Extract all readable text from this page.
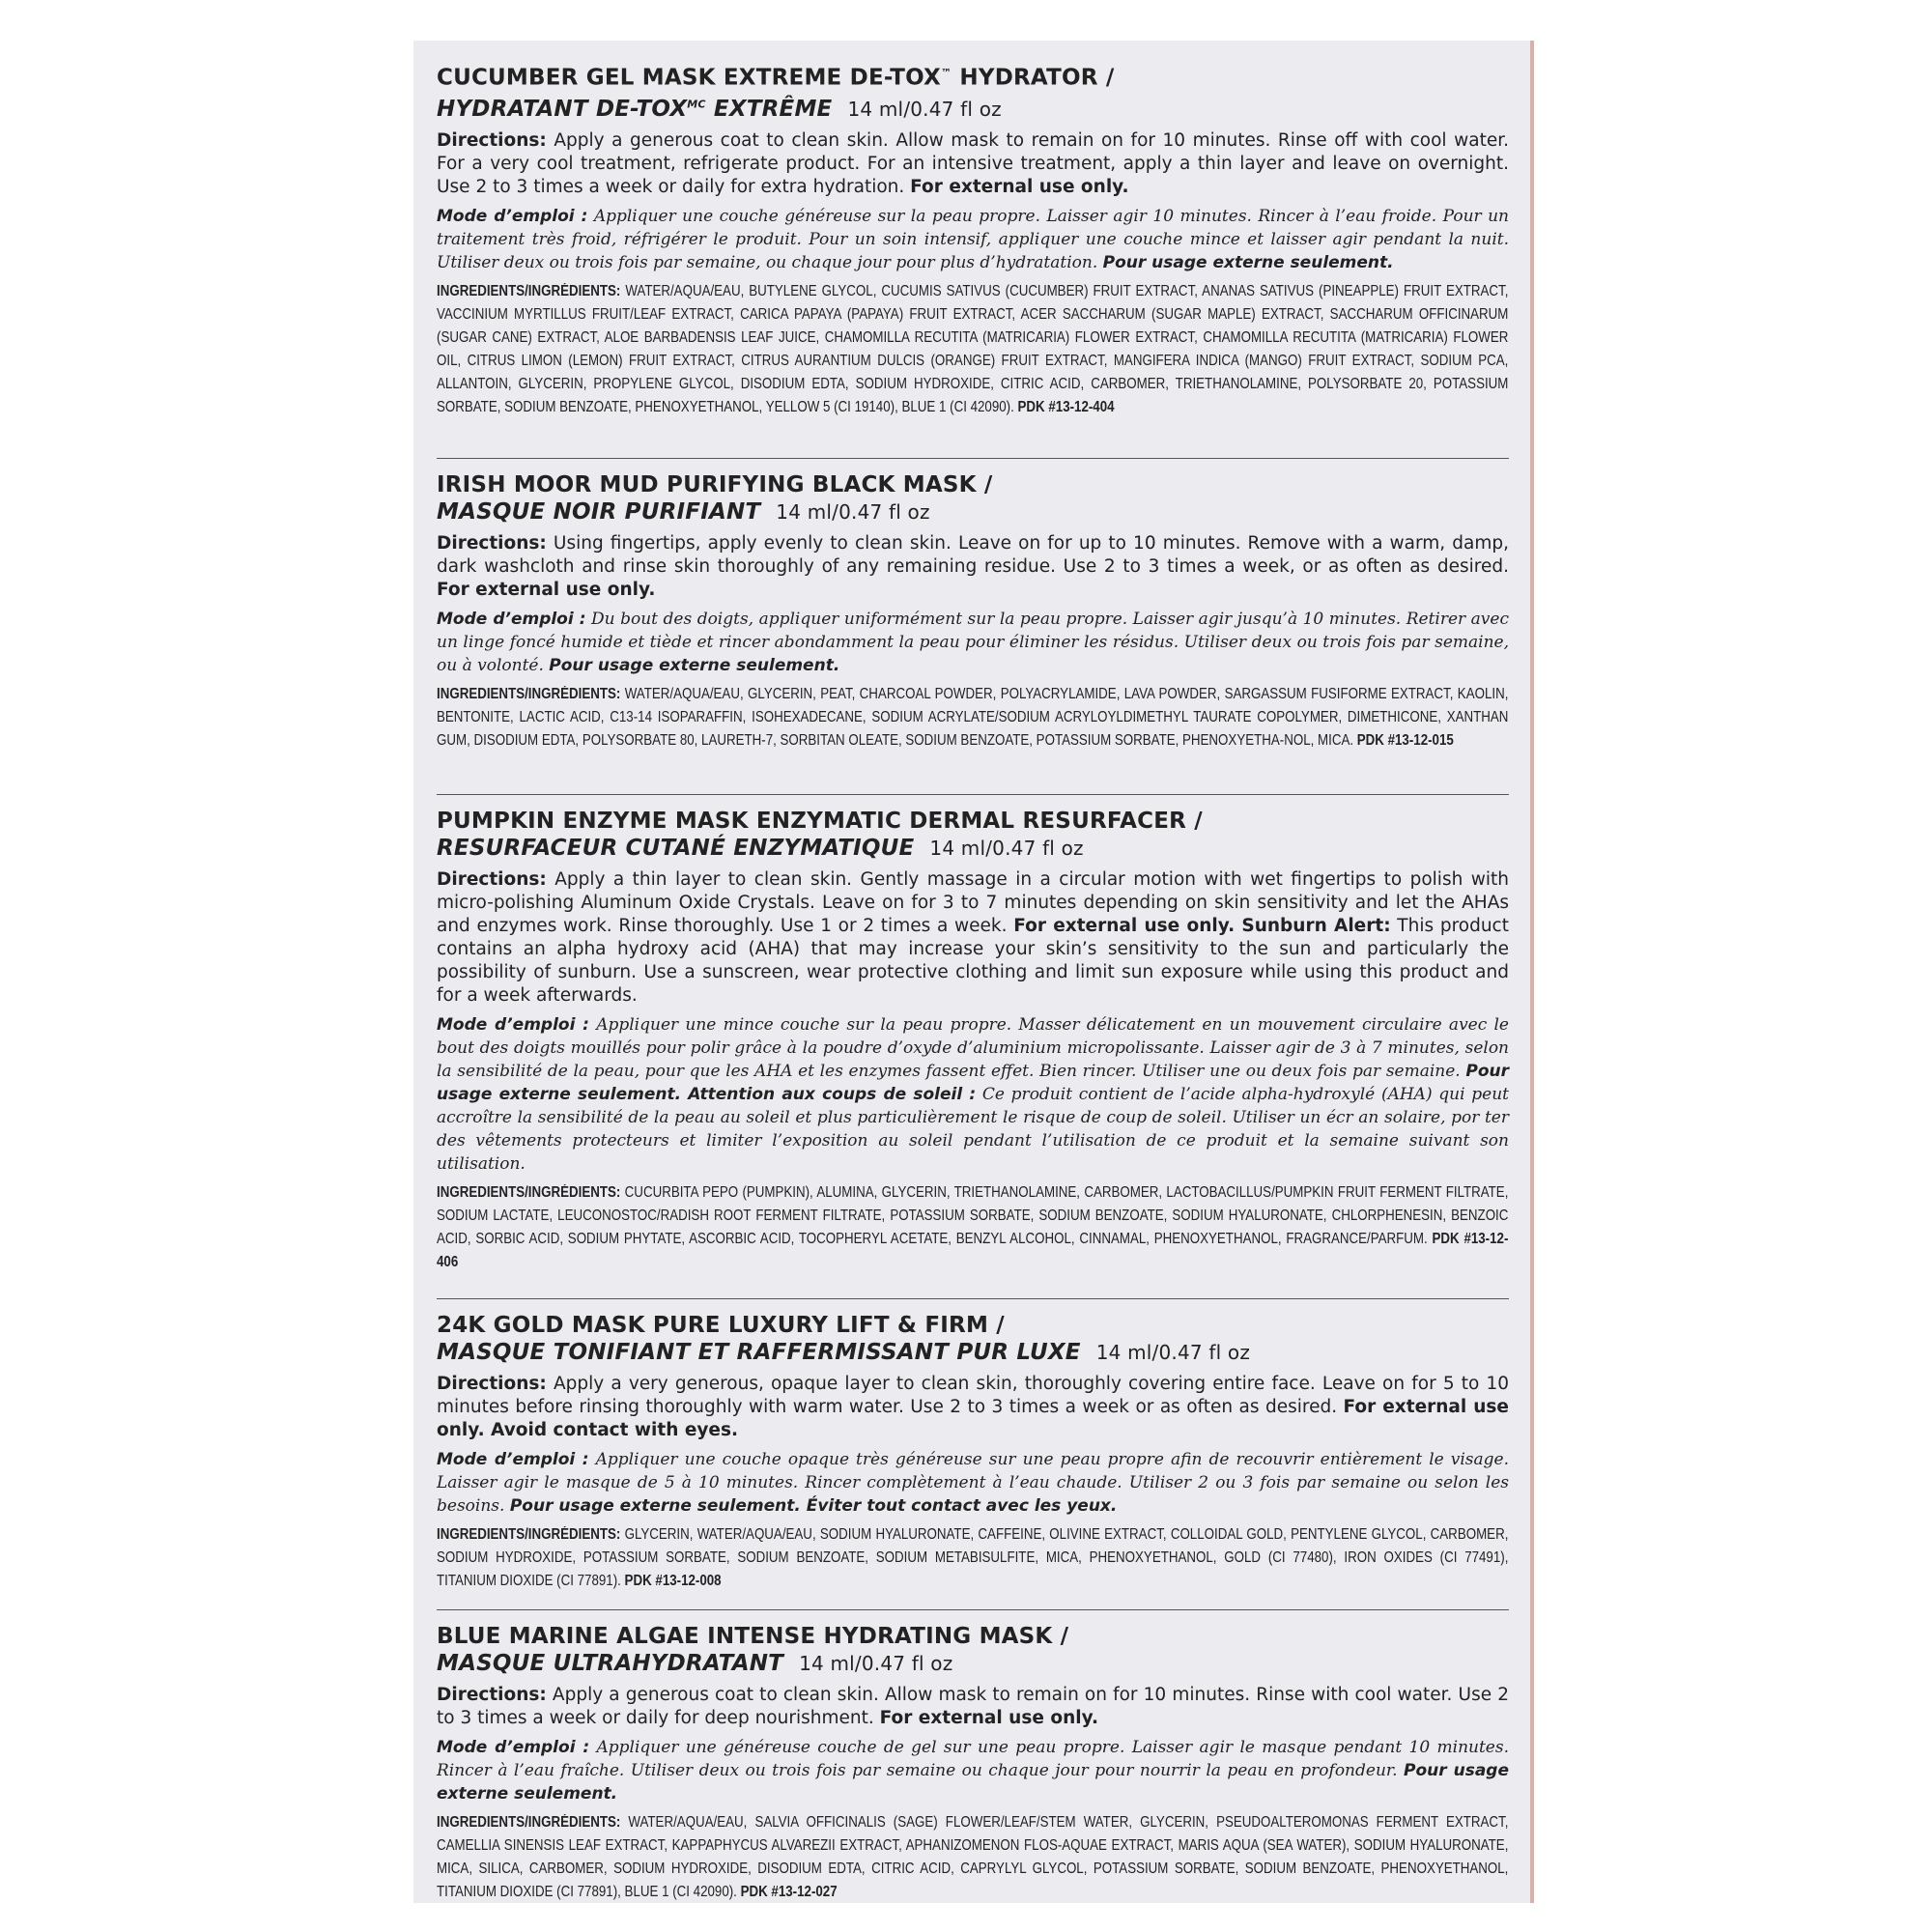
CUCUMBER GEL MASK EXTREME DE-TOX™ HYDRATOR /
HYDRATANT $DE-TOX^{MC}$ EXTRÊME 14 ml/0.47 fl oz
Directions: Apply a generous coat to clean skin. Allow mask to remain on for 10 minutes. Rinse off with cool water. For a very cool treatment, refrigerate product. For an intensive treatment, apply a thin layer and leave on overnight. Use 2 to 3 times a week or daily for extra hydration. For external use only.
Mode d’emploi : Appliquer une couche généreuse sur la peau propre. Laisser agir 10 minutes. Rincer à l’eau froide. Pour un traitement très froid, réfrigérer le produit. Pour un soin intensif, appliquer une couche mince et laisser agir pendant la nuit. Utiliser deux ou trois fois par semaine, ou chaque jour pour plus d’hydratation. Pour usage externe seulement.
INGREDIENTS/INGRÉDIENTS: WATER/AQUA/EAU, BUTYLENE GLYCOL, CUCUMIS SATIVUS (CUCUMBER) FRUIT EXTRACT, ANANAS SATIVUS (PINEAPPLE) FRUIT EXTRACT, VACCINIUM MYRTILLUS FRUIT/LEAF EXTRACT, CARICA PAPAYA (PAPAYA) FRUIT EXTRACT, ACER SACCHARUM (SUGAR MAPLE) EXTRACT, SACCHARUM OFFICINARUM (SUGAR CANE) EXTRACT, ALOE BARBADENSIS LEAF JUICE, CHAMOMILLA RECUTITA (MATRICARIA) FLOWER EXTRACT, CHAMOMILLA RECUTITA (MATRICARIA) FLOWER OIL, CITRUS LIMON (LEMON) FRUIT EXTRACT, CITRUS AURANTIUM DULCIS (ORANGE) FRUIT EXTRACT, MANGIFERA INDICA (MANGO) FRUIT EXTRACT, SODIUM PCA, ALLANTOIN, GLYCERIN, PROPYLENE GLYCOL, DISODIUM EDTA, SODIUM HYDROXIDE, CITRIC ACID, CARBOMER, TRIETHANOLAMINE, POLYSORBATE 20, POTASSIUM SORBATE, SODIUM BENZOATE, PHENOXYETHANOL, YELLOW 5 (CI 19140), BLUE 1 (CI 42090). PDK #13-12-404
IRISH MOOR MUD PURIFYING BLACK MASK /
MASQUE NOIR PURIFIANT 14 ml/0.47 fl oz
Directions: Using fingertips, apply evenly to clean skin. Leave on for up to 10 minutes. Remove with a warm, damp, dark washcloth and rinse skin thoroughly of any remaining residue. Use 2 to 3 times a week, or as often as desired. For external use only.
Mode d’emploi : Du bout des doigts, appliquer uniformément sur la peau propre. Laisser agir jusqu’à 10 minutes. Retirer avec un linge foncé humide et tiède et rincer abondamment la peau pour éliminer les résidus. Utiliser deux ou trois fois par semaine, ou à volonté. Pour usage externe seulement.
INGREDIENTS/INGRÉDIENTS: WATER/AQUA/EAU, GLYCERIN, PEAT, CHARCOAL POWDER, POLYACRYLAMIDE, LAVA POWDER, SARGASSUM FUSIFORME EXTRACT, KAOLIN, BENTONITE, LACTIC ACID, C13-14 ISOPARAFFIN, ISOHEXADECANE, SODIUM ACRYLATE/SODIUM ACRYLOYLDIMETHYL TAURATE COPOLYMER, DIMETHICONE, XANTHAN GUM, DISODIUM EDTA, POLYSORBATE 80, LAURETH-7, SORBITAN OLEATE, SODIUM BENZOATE, POTASSIUM SORBATE, PHENOXYETHA-NOL, MICA. PDK #13-12-015
PUMPKIN ENZYME MASK ENZYMATIC DERMAL RESURFACER /
RESURFACEUR CUTANÉ ENZYMATIQUE 14 ml/0.47 fl oz
Directions: Apply a thin layer to clean skin. Gently massage in a circular motion with wet fingertips to polish with micro-polishing Aluminum Oxide Crystals. Leave on for 3 to 7 minutes depending on skin sensitivity and let the AHAs and enzymes work. Rinse thoroughly. Use 1 or 2 times a week. For external use only. Sunburn Alert: This product contains an alpha hydroxy acid (AHA) that may increase your skin’s sensitivity to the sun and particularly the possibility of sunburn. Use a sunscreen, wear protective clothing and limit sun exposure while using this product and for a week afterwards.
Mode d’emploi : Appliquer une mince couche sur la peau propre. Masser délicatement en un mouvement circulaire avec le bout des doigts mouillés pour polir grâce à la poudre d’oxyde d’aluminium micropolissante. Laisser agir de 3 à 7 minutes, selon la sensibilité de la peau, pour que les AHA et les enzymes fassent effet. Bien rincer. Utiliser une ou deux fois par semaine. Pour usage externe seulement. Attention aux coups de soleil : Ce produit contient de l’acide alpha-hydroxylé (AHA) qui peut accroître la sensibilité de la peau au soleil et plus particulièrement le risque de coup de soleil. Utiliser un écr an solaire, por ter des vêtements protecteurs et limiter l’exposition au soleil pendant l’utilisation de ce produit et la semaine suivant son utilisation.
INGREDIENTS/INGRÉDIENTS: CUCURBITA PEPO (PUMPKIN), ALUMINA, GLYCERIN, TRIETHANOLAMINE, CARBOMER, LACTOBACILLUS/PUMPKIN FRUIT FERMENT FILTRATE, SODIUM LACTATE, LEUCONOSTOC/RADISH ROOT FERMENT FILTRATE, POTASSIUM SORBATE, SODIUM BENZOATE, SODIUM HYALURONATE, CHLORPHENESIN, BENZOIC ACID, SORBIC ACID, SODIUM PHYTATE, ASCORBIC ACID, TOCOPHERYL ACETATE, BENZYL ALCOHOL, CINNAMAL, PHENOXYETHANOL, FRAGRANCE/PARFUM. PDK #13-12-406
24K GOLD MASK PURE LUXURY LIFT & FIRM /
MASQUE TONIFIANT ET RAFFERMISSANT PUR LUXE 14 ml/0.47 fl oz
Directions: Apply a very generous, opaque layer to clean skin, thoroughly covering entire face. Leave on for 5 to 10 minutes before rinsing thoroughly with warm water. Use 2 to 3 times a week or as often as desired. For external use only. Avoid contact with eyes.
Mode d’emploi : Appliquer une couche opaque très généreuse sur une peau propre afin de recouvrir entièrement le visage. Laisser agir le masque de 5 à 10 minutes. Rincer complètement à l’eau chaude. Utiliser 2 ou 3 fois par semaine ou selon les besoins. Pour usage externe seulement. Éviter tout contact avec les yeux.
INGREDIENTS/INGRÉDIENTS: GLYCERIN, WATER/AQUA/EAU, SODIUM HYALURONATE, CAFFEINE, OLIVINE EXTRACT, COLLOIDAL GOLD, PENTYLENE GLYCOL, CARBOMER, SODIUM HYDROXIDE, POTASSIUM SORBATE, SODIUM BENZOATE, SODIUM METABISULFITE, MICA, PHENOXYETHANOL, GOLD (CI 77480), IRON OXIDES (CI 77491), TITANIUM DIOXIDE (CI 77891). PDK #13-12-008
BLUE MARINE ALGAE INTENSE HYDRATING MASK /
MASQUE ULTRAHYDRATANT 14 ml/0.47 fl oz
Directions: Apply a generous coat to clean skin. Allow mask to remain on for 10 minutes. Rinse with cool water. Use 2 to 3 times a week or daily for deep nourishment. For external use only.
Mode d’emploi : Appliquer une généreuse couche de gel sur une peau propre. Laisser agir le masque pendant 10 minutes. Rincer à l’eau fraîche. Utiliser deux ou trois fois par semaine ou chaque jour pour nourrir la peau en profondeur. Pour usage externe seulement.
INGREDIENTS/INGRÉDIENTS: WATER/AQUA/EAU, SALVIA OFFICINALIS (SAGE) FLOWER/LEAF/STEM WATER, GLYCERIN, PSEUDOALTEROMONAS FERMENT EXTRACT, CAMELLIA SINENSIS LEAF EXTRACT, KAPPAPHYCUS ALVAREZII EXTRACT, APHANIZOMENON FLOS-AQUAE EXTRACT, MARIS AQUA (SEA WATER), SODIUM HYALURONATE, MICA, SILICA, CARBOMER, SODIUM HYDROXIDE, DISODIUM EDTA, CITRIC ACID, CAPRYLYL GLYCOL, POTASSIUM SORBATE, SODIUM BENZOATE, PHENOXYETHANOL, TITANIUM DIOXIDE (CI 77891), BLUE 1 (CI 42090). PDK #13-12-027
